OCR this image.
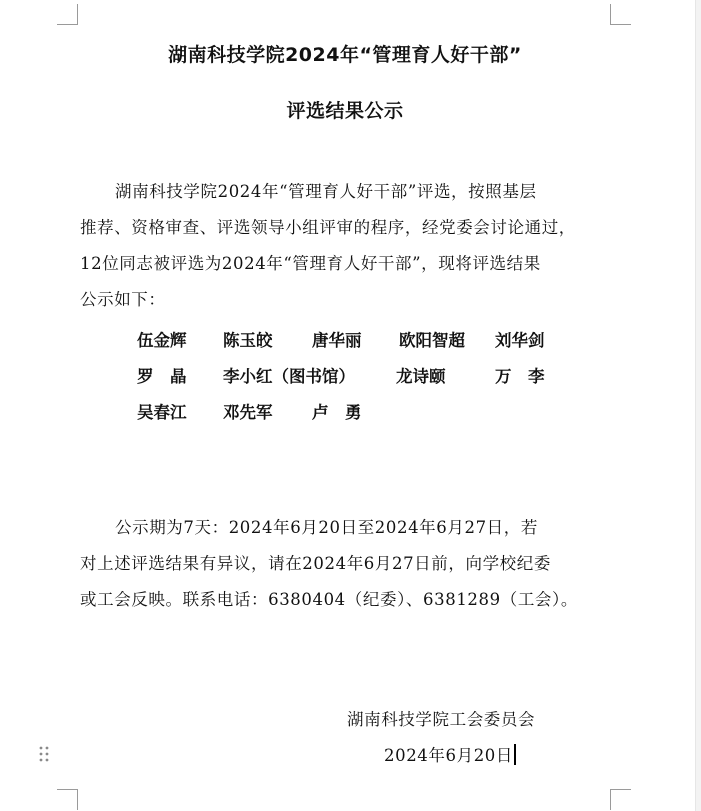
湖南科技学院2024年“管理育人好干部”
评选结果公示
湖南科技学院2024年“管理育人好干部”评选，按照基层
推荐、资格审查、评选领导小组评审的程序，经党委会讨论通过，
12位同志被评选为2024年“管理育人好干部”，现将评选结果
公示如下：
伍金辉 陈玉皎 唐华丽 欧阳智超 刘华剑
罗　晶 李小红（图书馆） 龙诗颐	万　李
吴春江 邓先军 卢　勇
公示期为7天：2024年6月20日至2024年6月27日，若
对上述评选结果有异议，请在2024年6月27日前，向学校纪委
或工会反映。联系电话：6380404（纪委）、6381289（工会）。
湖南科技学院工会委员会
2024年6月20日
